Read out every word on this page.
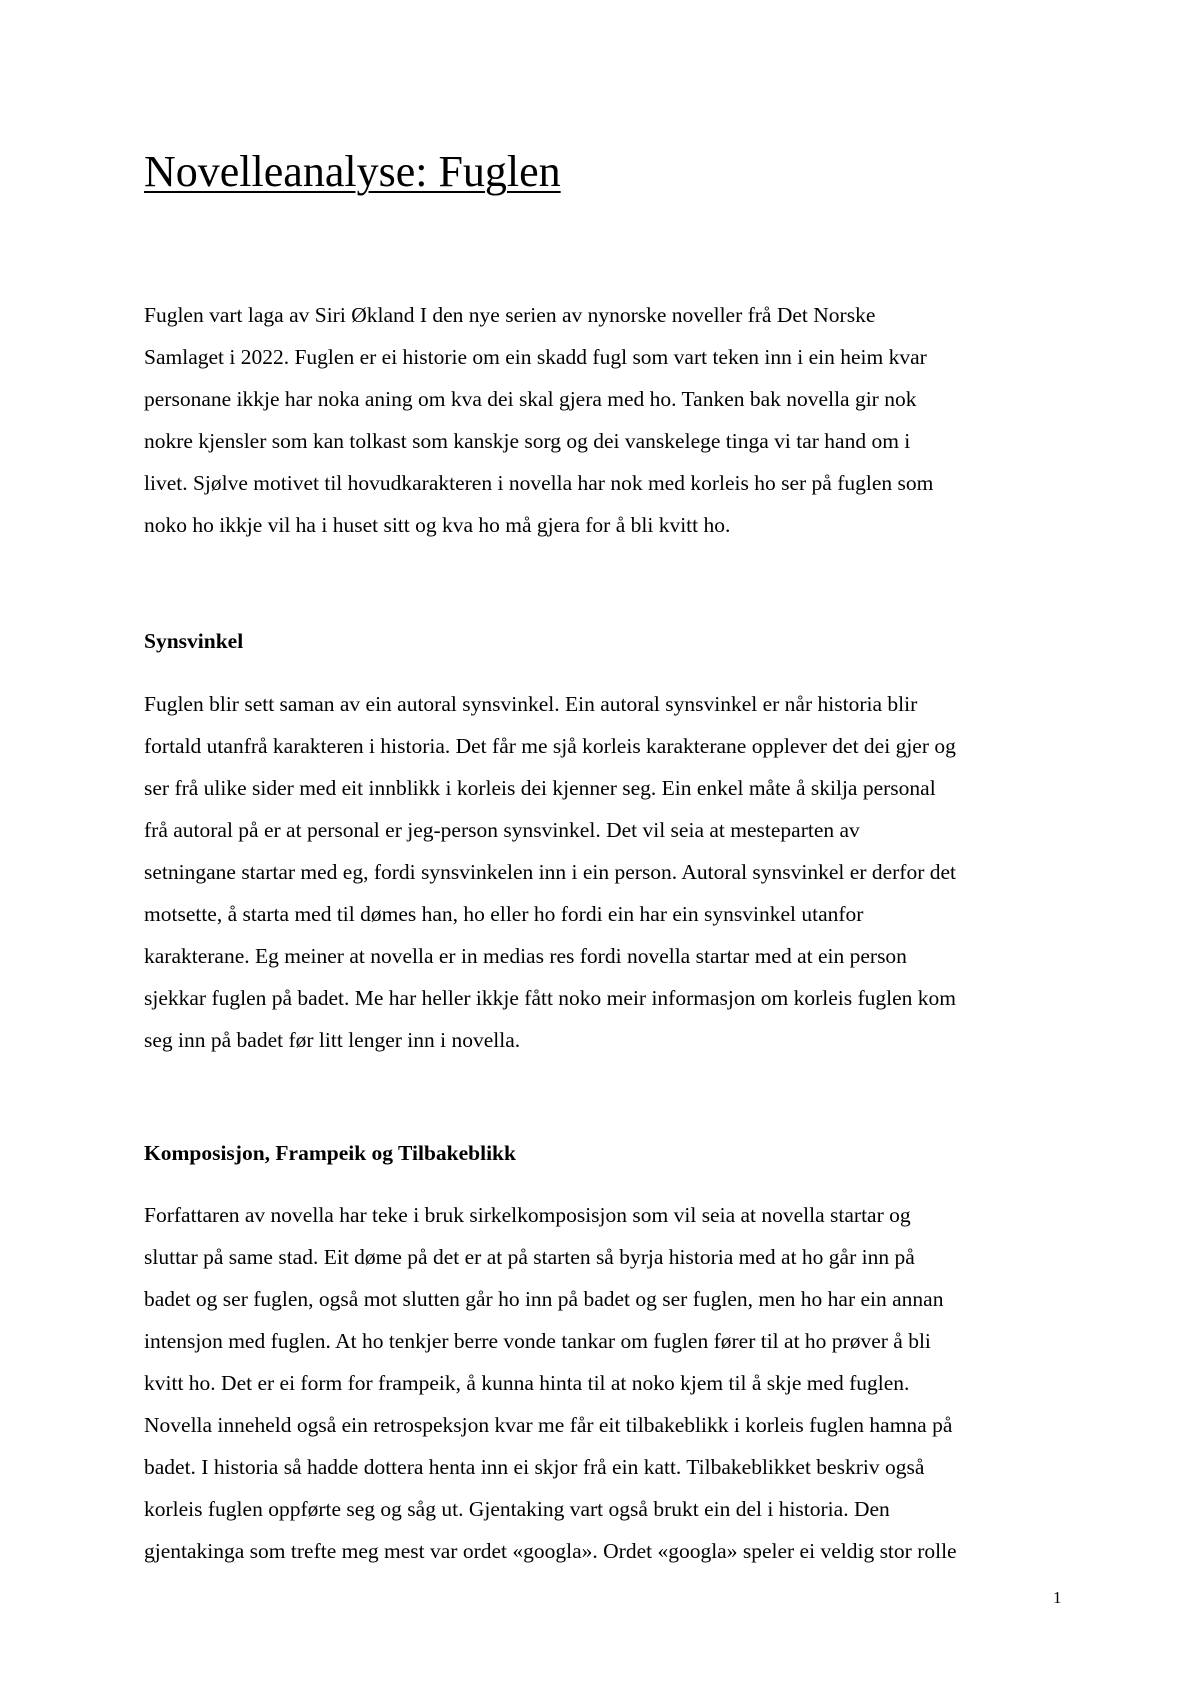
Novelleanalyse: Fuglen

Fuglen vart laga av Siri Økland I den nye serien av nynorske noveller frå Det Norske
Samlaget i 2022. Fuglen er ei historie om ein skadd fugl som vart teken inn i ein heim kvar
personane ikkje har noka aning om kva dei skal gjera med ho. Tanken bak novella gir nok
nokre kjensler som kan tolkast som kanskje sorg og dei vanskelege tinga vi tar hand om i
livet. Sjølve motivet til hovudkarakteren i novella har nok med korleis ho ser på fuglen som
noko ho ikkje vil ha i huset sitt og kva ho må gjera for å bli kvitt ho.

Synsvinkel

Fuglen blir sett saman av ein autoral synsvinkel. Ein autoral synsvinkel er når historia blir
fortald utanfrå karakteren i historia. Det får me sjå korleis karakterane opplever det dei gjer og
ser frå ulike sider med eit innblikk i korleis dei kjenner seg. Ein enkel måte å skilja personal
frå autoral på er at personal er jeg-person synsvinkel. Det vil seia at mesteparten av
setningane startar med eg, fordi synsvinkelen inn i ein person. Autoral synsvinkel er derfor det
motsette, å starta med til dømes han, ho eller ho fordi ein har ein synsvinkel utanfor
karakterane. Eg meiner at novella er in medias res fordi novella startar med at ein person
sjekkar fuglen på badet. Me har heller ikkje fått noko meir informasjon om korleis fuglen kom
seg inn på badet før litt lenger inn i novella.

Komposisjon, Frampeik og Tilbakeblikk

Forfattaren av novella har teke i bruk sirkelkomposisjon som vil seia at novella startar og
sluttar på same stad. Eit døme på det er at på starten så byrja historia med at ho går inn på
badet og ser fuglen, også mot slutten går ho inn på badet og ser fuglen, men ho har ein annan
intensjon med fuglen. At ho tenkjer berre vonde tankar om fuglen fører til at ho prøver å bli
kvitt ho. Det er ei form for frampeik, å kunna hinta til at noko kjem til å skje med fuglen.
Novella inneheld også ein retrospeksjon kvar me får eit tilbakeblikk i korleis fuglen hamna på
badet. I historia så hadde dottera henta inn ei skjor frå ein katt. Tilbakeblikket beskriv også
korleis fuglen oppførte seg og såg ut. Gjentaking vart også brukt ein del i historia. Den
gjentakinga som trefte meg mest var ordet «googla». Ordet «googla» speler ei veldig stor rolle

1
